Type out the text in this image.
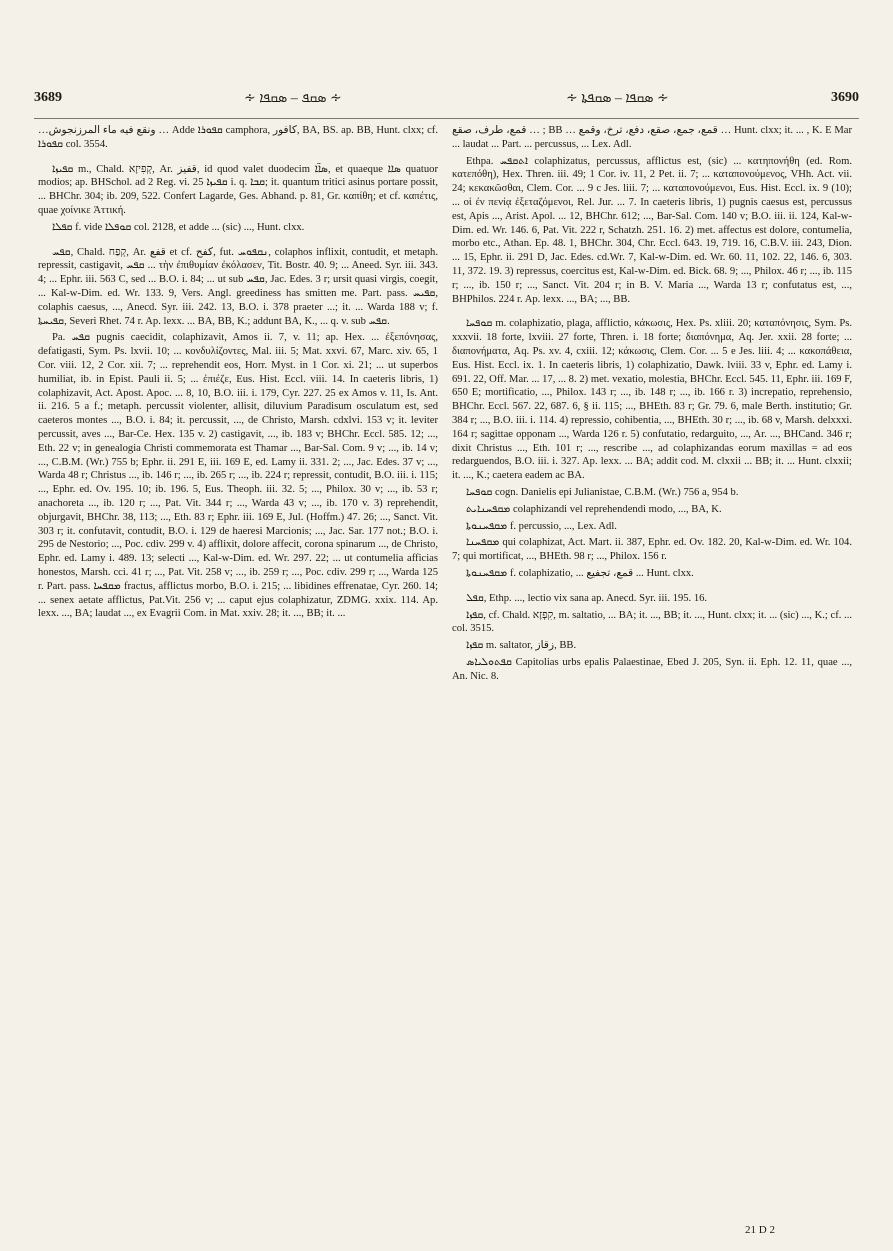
3689	∻ ܣܩܦ – ܣܩܦܐ ∻	∻ ܣܩܦܐ – ܣܩܦܬܐ ∻	3690

…ونقع فيه ماء المرزنجوش … Adde ܩܦܘܪܐ camphora, كافور, BA, BS. ap. BB, Hunt. clxx; cf. ܩܦܘܪܐ col. 3554.

ܩܦܝܙܐ m., Chald. קְפִיזָא, Ar. قفيز, id quod valet duodecim ܣܐ̈ܐ, et quaeque ܣܐܐ quatuor modios; ap. BHSchol. ad 2 Reg. vi. 25 ܩܦܝܙܐ i. q. ܩܒܐ; it. quantum tritici asinus portare possit, ... BHChr. 304; ib. 209, 522. Confert Lagarde, Ges. Abhand. p. 81, Gr. καπίθη; et cf. καπέτις, quae χοίνικε Ἀττική.

ܩܦܠܐ f. vide ܩܘܦܠܐ col. 2128, et adde ... (sic) ..., Hunt. clxx.

ܩܦܚ, Chald. קְפַח, Ar. قفع et cf. كفح, fut. ܢܩܦܘܚ, colaphos inflixit, contudit, et metaph. repressit, castigavit, ܩܦܚ ... τὴν ἐπιθυμίαν ἐκόλασεν, Tit. Bostr. 40. 9; ... Aneed. Syr. iii. 343. 4; ... Ephr. iii. 563 C, sed ... B.O. i. 84; ... ut sub ܩܦܚ, Jac. Edes. 3 r; ursit quasi virgis, coegit, ... Kal-w-Dim. ed. Wr. 133. 9, Vers. Angl. greediness has smitten me. Part. pass. ܩܦܝܚ, colaphis caesus, ..., Anecd. Syr. iii. 242. 13, B.O. i. 378 praeter ...; it. ... Warda 188 v; f. ܩܦܝܚܬܐ, Severi Rhet. 74 r. Ap. lexx. ... BA, BB, K.; addunt BA, K., ... q. v. sub ܩܦܚ.

Pa. ܩܦܚ pugnis caecidit, colaphizavit, Amos ii. 7, v. 11; ap. Hex. ... ἐξεπόνησας, defatigasti, Sym. Ps. lxvii. 10; ... κονδυλίζοντες, Mal. iii. 5; Mat. xxvi. 67, Marc. xiv. 65, 1 Cor. viii. 12, 2 Cor. xii. 7; ... reprehendit eos, Horr. Myst. in 1 Cor. xi. 21; ... ut superbos humiliat, ib. in Epist. Pauli ii. 5; ... ἐπιέζε, Eus. Hist. Eccl. viii. 14. In caeteris libris, 1) colaphizavit, Act. Apost. Apoc. ... 8, 10, B.O. iii. i. 179, Cyr. 227. 25 ex Amos v. 11, Is. Ant. ii. 216. 5 a f.; metaph. percussit violenter, allisit, diluvium Paradisum osculatum est, sed caeteros montes ..., B.O. i. 84; it. percussit, ..., de Christo, Marsh. cdxlvi. 153 v; it. leviter percussit, aves ..., Bar-Ce. Hex. 135 v. 2) castigavit, ..., ib. 183 v; BHChr. Eccl. 585. 12; ..., Eth. 22 v; in genealogia Christi commemorata est Thamar ..., Bar-Sal. Com. 9 v; ..., ib. 14 v; ..., C.B.M. (Wr.) 755 b; Ephr. ii. 291 E, iii. 169 E, ed. Lamy ii. 331. 2; ..., Jac. Edes. 37 v; ..., Warda 48 r; Christus ..., ib. 146 r; ..., ib. 265 r; ..., ib. 224 r; repressit, contudit, B.O. iii. i. 115; ..., Ephr. ed. Ov. 195. 10; ib. 196. 5, Eus. Theoph. iii. 32. 5; ..., Philox. 30 v; ..., ib. 53 r; anachoreta ..., ib. 120 r; ..., Pat. Vit. 344 r; ..., Warda 43 v; ..., ib. 170 v. 3) reprehendit, objurgavit, BHChr. 38, 113; ..., Eth. 83 r; Ephr. iii. 169 E, Jul. (Hoffm.) 47. 26; ..., Sanct. Vit. 303 r; it. confutavit, contudit, B.O. i. 129 de haeresi Marcionis; ..., Jac. Sar. 177 not.; B.O. i. 295 de Nestorio; ..., Poc. cdiv. 299 v. 4) afflixit, dolore affecit, corona spinarum ..., de Christo, Ephr. ed. Lamy i. 489. 13; selecti ..., Kal-w-Dim. ed. Wr. 297. 22; ... ut contumelia afficias honestos, Marsh. cci. 41 r; ..., Pat. Vit. 258 v; ..., ib. 259 r; ..., Poc. cdiv. 299 r; ..., Warda 125 r. Part. pass. ܡܩܦܚܐ fractus, afflictus morbo, B.O. i. 215; ... libidines effrenatae, Cyr. 260. 14; ... senex aetate afflictus, Pat.Vit. 256 v; ... caput ejus colaphizatur, ZDMG. xxix. 114. Ap. lexx. ..., BA; laudat ..., ex Evagrii Com. in Mat. xxiv. 28; it. ..., BB; it. ...

قمع، طرف، صقع … ; BB … قمع، جمع، صقع، دفع، ترخ، وقمع … Hunt. clxx; it. ... , K. E Mar ... laudat ... Part. ... percussus, ... Lex. Adl.

Ethpa. ܐܬܩܦܚ colaphizatus, percussus, afflictus est, (sic) ... κατηπονήθη (ed. Rom. κατεπόθη), Hex. Thren. iii. 49; 1 Cor. iv. 11, 2 Pet. ii. 7; ... καταπονούμενος, VHh. Act. vii. 24; κεκακῶσθαι, Clem. Cor. ... 9 c Jes. liii. 7; ... καταπονούμενοι, Eus. Hist. Eccl. ix. 9 (10); ... οἱ ἐν πενίᾳ ἐξεταζόμενοι, Rel. Jur. ... 7. In caeteris libris, 1) pugnis caesus est, percussus est, Apis ..., Arist. Apol. ... 12, BHChr. 612; ..., Bar-Sal. Com. 140 v; B.O. iii. ii. 124, Kal-w-Dim. ed. Wr. 146. 6, Pat. Vit. 222 r, Schatzh. 251. 16. 2) met. affectus est dolore, contumelia, morbo etc., Athan. Ep. 48. 1, BHChr. 304, Chr. Eccl. 643. 19, 719. 16, C.B.V. iii. 243, Dion. ... 15, Ephr. ii. 291 D, Jac. Edes. cd.Wr. 7, Kal-w-Dim. ed. Wr. 60. 11, 102. 22, 146. 6, 303. 11, 372. 19. 3) repressus, coercitus est, Kal-w-Dim. ed. Bick. 68. 9; ..., Philox. 46 r; ..., ib. 115 r; ..., ib. 150 r; ..., Sanct. Vit. 204 r; in B. V. Maria ..., Warda 13 r; confutatus est, ..., BHPhilos. 224 r. Ap. lexx. ..., BA; ..., BB.

ܩܘܦܚܐ m. colaphizatio, plaga, afflictio, κάκωσις, Hex. Ps. xliii. 20; καταπόνησις, Sym. Ps. xxxvii. 18 forte, lxviii. 27 forte, Thren. i. 18 forte; διαπόνημα, Aq. Jer. xxii. 28 forte; ... διαπονήματα, Aq. Ps. xv. 4, cxiii. 12; κάκωσις, Clem. Cor. ... 5 e Jes. liii. 4; ... κακοπάθεια, Eus. Hist. Eccl. ix. 1. In caeteris libris, 1) colaphizatio, Dawk. lviii. 33 v, Ephr. ed. Lamy i. 691. 22, Off. Mar. ... 17, ... 8. 2) met. vexatio, molestia, BHChr. Eccl. 545. 11, Ephr. iii. 169 F, 650 E; mortificatio, ..., Philox. 143 r; ..., ib. 148 r; ..., ib. 166 r. 3) increpatio, reprehensio, BHChr. Eccl. 567. 22, 687. 6, § ii. 115; ..., BHEth. 83 r; Gr. 79. 6, male Berth. institutio; Gr. 384 r; ..., B.O. iii. i. 114. 4) repressio, cohibentia, ..., BHEth. 30 r; ..., ib. 68 v, Marsh. delxxxi. 164 r; sagittae opponam ..., Warda 126 r. 5) confutatio, redarguito, ..., Ar. ..., BHCand. 346 r; dixit Christus ..., Eth. 101 r; ..., rescribe ..., ad colaphizandas eorum maxillas = ad eos redarguendos, B.O. iii. i. 327. Ap. lexx. ... BA; addit cod. M. clxxii ... BB; it. ... Hunt. clxxii; it. ..., K.; caetera eadem ac BA.

ܩܘܦܚܐ cogn. Danielis epi Julianistae, C.B.M. (Wr.) 756 a, 954 b.

ܡܩܦܚܢܐܝܬ colaphizandi vel reprehendendi modo, ..., BA, K.

ܡܩܦܚܢܘܬܐ f. percussio, ..., Lex. Adl.

ܡܩܦܚܢܐ qui colaphizat, Act. Mart. ii. 387, Ephr. ed. Ov. 182. 20, Kal-w-Dim. ed. Wr. 104. 7; qui mortificat, ..., BHEth. 98 r; ..., Philox. 156 r.

ܡܩܦܚܢܘܬܐ f. colaphizatio, ... قمع، تجفيع ... Hunt. clxx.

ܩܦܠ, Ethp. ..., lectio vix sana ap. Anecd. Syr. iii. 195. 16.

ܩܦܙܐ, cf. Chald. קִפְזָא, m. saltatio, ... BA; it. ..., BB; it. ..., Hunt. clxx; it. ... (sic) ..., K.; cf. ... col. 3515.

ܩܦܙܐ m. saltator, زقاز, BB.

ܩܦܬܘܠܝܐܣ Capitolias urbs epalis Palaestinae, Ebed J. 205, Syn. ii. Eph. 12. 11, quae ..., An. Nic. 8.

21 D 2
